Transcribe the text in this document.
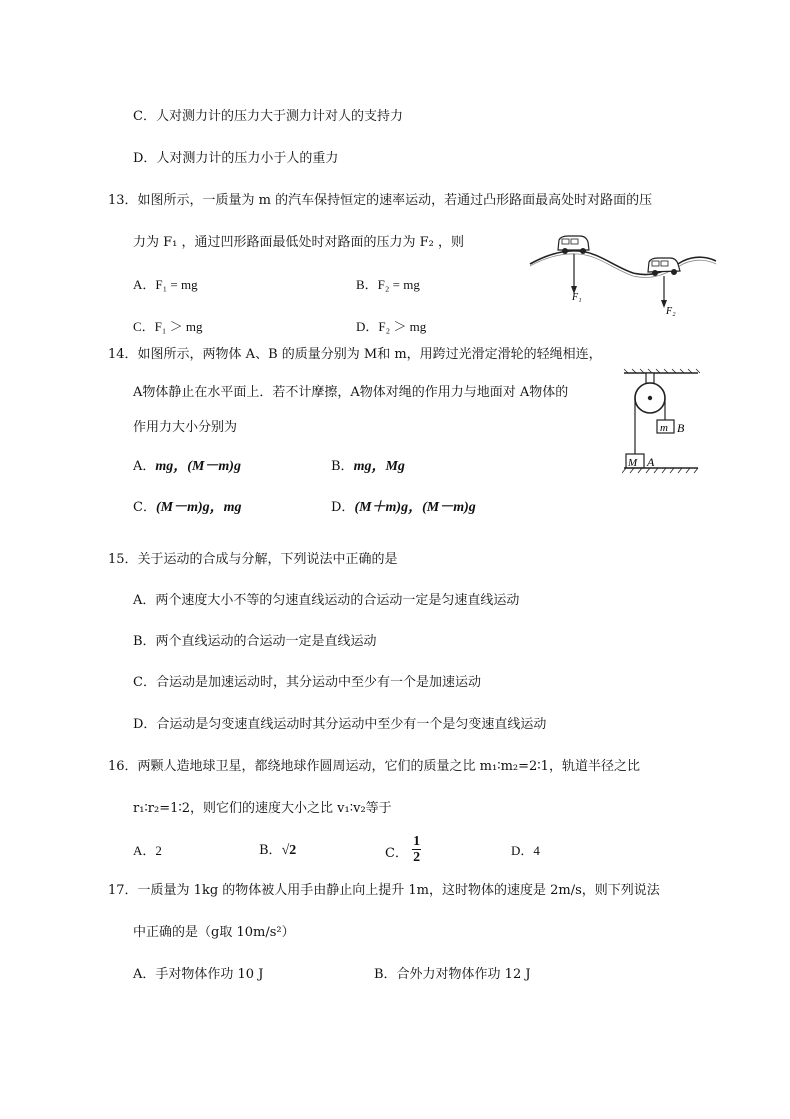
C．人对测力计的压力大于测力计对人的支持力
D．人对测力计的压力小于人的重力
13．如图所示，一质量为 m 的汽车保持恒定的速率运动，若通过凸形路面最高处时对路面的压
力为 F₁ ，通过凹形路面最低处时对路面的压力为 F₂ ，则
A．F₁ = mg	B．F₂ = mg
C．F₁ ＞ mg	D．F₂ ＞ mg
F₁
F₂
14．如图所示，两物体 A、B 的质量分别为 M和 m，用跨过光滑定滑轮的轻绳相连，
A物体静止在水平面上．若不计摩擦，A物体对绳的作用力与地面对 A物体的
作用力大小分别为
A．mg，(M－m)g	B．mg，Mg
C．(M－m)g，mg	D．(M＋m)g，(M－m)g
m B
M A
15．关于运动的合成与分解，下列说法中正确的是
A．两个速度大小不等的匀速直线运动的合运动一定是匀速直线运动
B．两个直线运动的合运动一定是直线运动
C．合运动是加速运动时，其分运动中至少有一个是加速运动
D．合运动是匀变速直线运动时其分运动中至少有一个是匀变速直线运动
16．两颗人造地球卫星，都绕地球作圆周运动，它们的质量之比 m₁∶m₂=2∶1，轨道半径之比
r₁∶r₂=1∶2，则它们的速度大小之比 v₁∶v₂等于
A．2	B．√2	C． $\frac{1}{2}$	D．4
17．一质量为 1kg 的物体被人用手由静止向上提升 1m，这时物体的速度是 2m/s，则下列说法
中正确的是（g取 10m/s²）
A．手对物体作功 10 J	B．合外力对物体作功 12 J
